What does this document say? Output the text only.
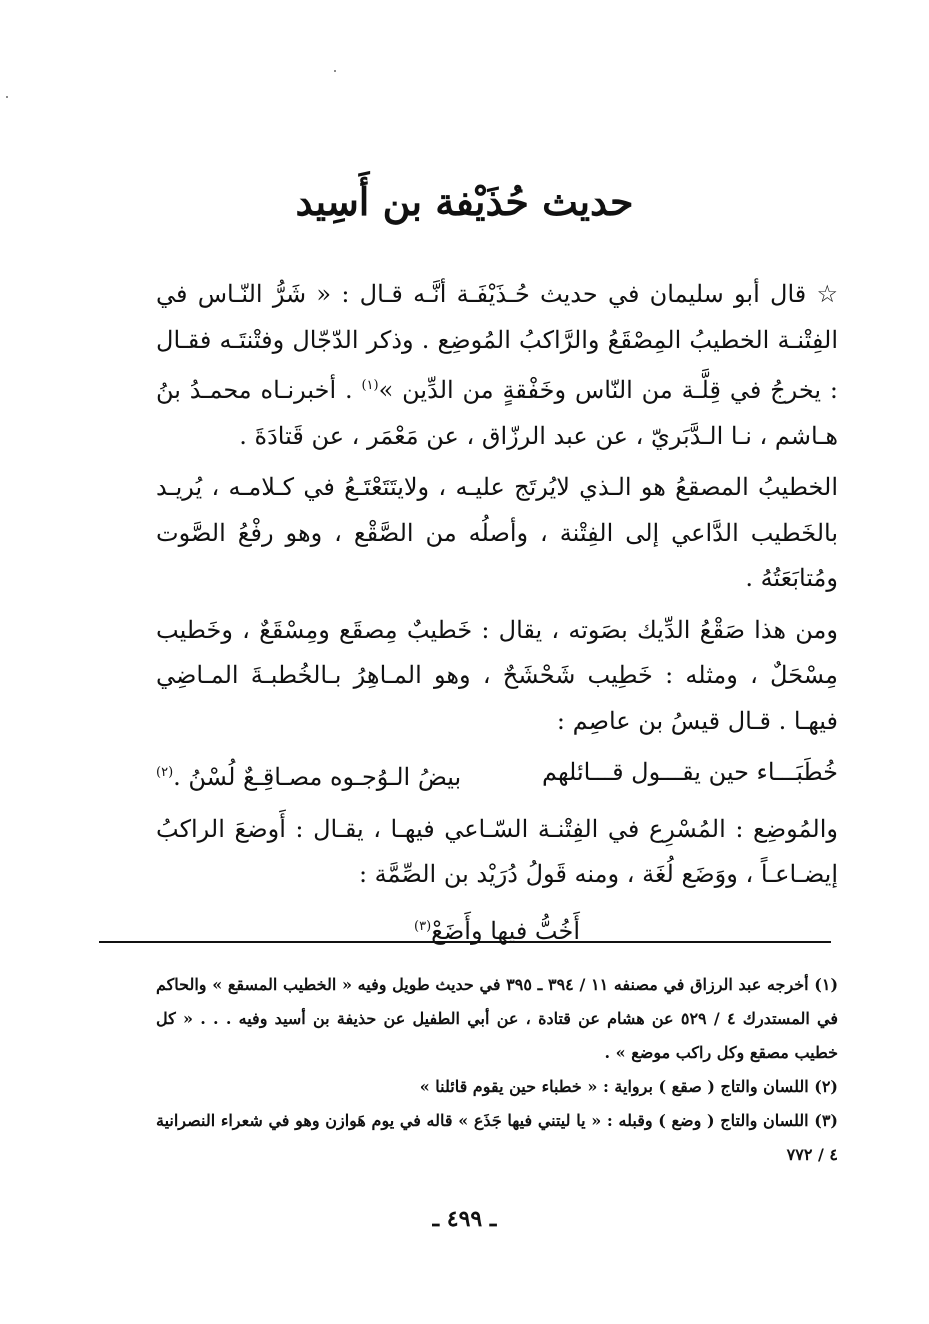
حديث حُذَيْفة بن أَسِيد

☆ قال أبو سليمان في حديث حُـذَيْفَـة أنَّـه قـال : « شَرُّ النّـاس في الفِتْنـة الخطيبُ المِصْقَعُ والرَّاكبُ المُوضِع . وذكر الدّجّال وفتْنتَـه فقـال : يخرجُ في قِلَّـة من النّاس وخَفْقةٍ من الدِّين »$^{(١)}$ . أخبرنـاه محمـدُ بنُ هـاشم ، نـا الـدَّبَريّ ، عن عبد الرزّاق ، عن مَعْمَر ، عن قَتادَةَ .

الخطيبُ المصقعُ هو الـذي لايُرتَج عليـه ، ولايتَتَعْتَـعُ في كـلامـه ، يُريـد بالخَطيب الدَّاعي إلى الفِتْنة ، وأصلُه من الصَّقْع ، وهو رفْعُ الصَّوت ومُتابَعَتُهُ .

ومن هذا صَقْعُ الدِّيك بصَوته ، يقال : خَطيبٌ مِصقَع ومِسْقَعٌ ، وخَطيب مِسْحَلٌ ، ومثله : خَطِيب شَحْشَحٌ ، وهو المـاهِرُ بـالخُطبـةَ المـاضِي فيهـا . قـال قيسُ بن عاصِم :

خُطَبَـــاء حين يقـــول قـــائلهم
بيضُ الـوُجـوه مصـاقِـعٌ لُسْنُ .$^{(٢)}$

والمُوضِع : المُسْرِع في الفِتْنـة السّـاعي فيهـا ، يقـال : أَوضعَ الراكبُ إيضـاعـاً ، ووَضَع لُغَة ، ومنه قَولُ دُرَيْد بن الصِّمَّة :

أَخُبُّ فيها وأَضَعْ$^{(٣)}$

(١) أخرجه عبد الرزاق في مصنفه ١١ / ٣٩٤ ـ ٣٩٥ في حديث طويل وفيه « الخطيب المسقع » والحاكم في المستدرك ٤ / ٥٢٩ عن هشام عن قتادة ، عن أبي الطفيل عن حذيفة بن أسيد وفيه . . . « كل خطيب مصقع وكل راكب موضع » .

(٢) اللسان والتاج ( صقع ) برواية : « خطباء حين يقوم قائلنا »

(٣) اللسان والتاج ( وضع ) وقبله : « يا ليتني فيها جَذَع » قاله في يوم هَوازن وهو في شعراء النصرانية ٤ / ٧٧٢

ـ ٤٩٩ ـ
